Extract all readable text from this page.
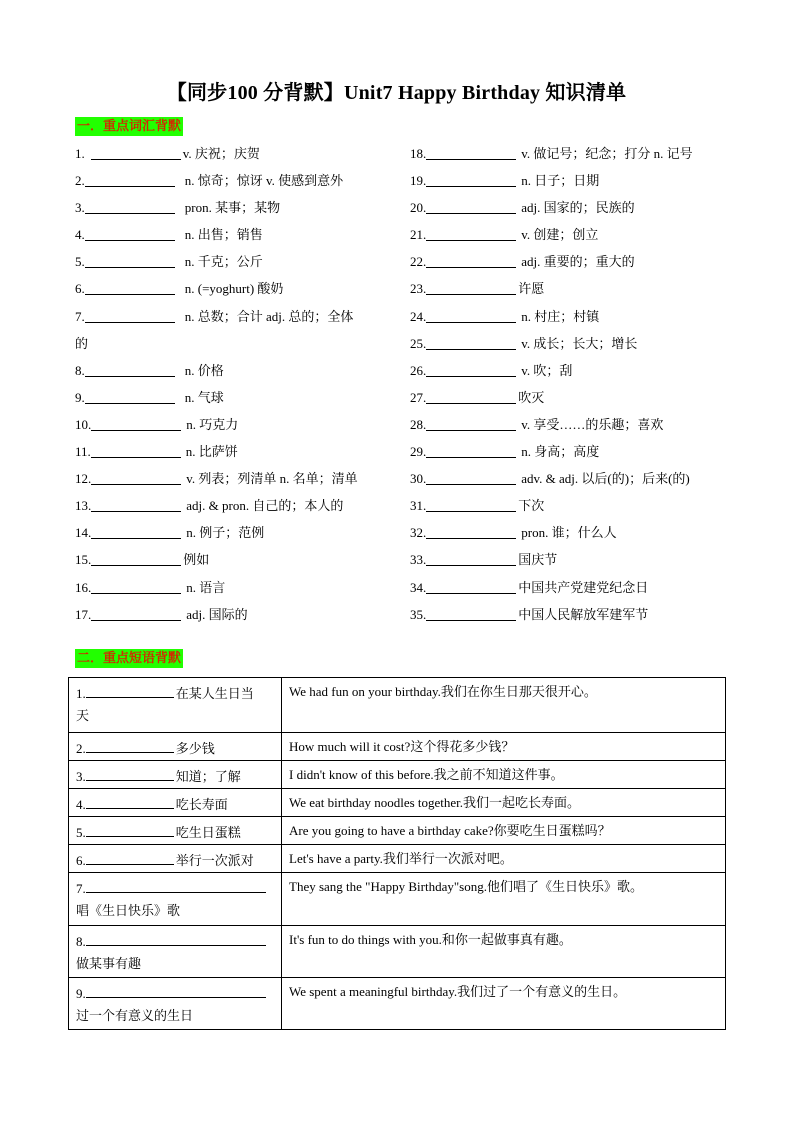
【同步100 分背默】Unit7 Happy Birthday 知识清单
一．重点词汇背默
1.	v. 庆祝；庆贺
2.	n. 惊奇；惊讶 v. 使感到意外
3.	pron. 某事；某物
4.	n. 出售；销售
5.	n. 千克；公斤
6.	n. (=yoghurt) 酸奶
7.	n. 总数；合计 adj. 总的；全体
的
8.	n. 价格
9.	n. 气球
10.	n. 巧克力
11.	n. 比萨饼
12.	v. 列表；列清单 n. 名单；清单
13.	adj. & pron. 自己的；本人的
14.	n. 例子；范例
15.	例如
16.	n. 语言
17.	adj. 国际的
18.	v. 做记号；纪念；打分 n. 记号
19.	n. 日子；日期
20.	adj. 国家的；民族的
21.	v. 创建；创立
22.	adj. 重要的；重大的
23.	许愿
24.	n. 村庄；村镇
25.	v. 成长；长大；增长
26.	v. 吹；刮
27.	吹灭
28.	v. 享受……的乐趣；喜欢
29.	n. 身高；高度
30.	adv. & adj. 以后(的)；后来(的)
31.	下次
32.	pron. 谁；什么人
33.	国庆节
34.	中国共产党建党纪念日
35.	中国人民解放军建军节
二．重点短语背默
1. 在某人生日当
天	We had fun on your birthday.我们在你生日那天很开心。
2. 多少钱	How much will it cost?这个得花多少钱？
3. 知道；了解	I didn't know of this before.我之前不知道这件事。
4. 吃长寿面	We eat birthday noodles together.我们一起吃长寿面。
5. 吃生日蛋糕	Are you going to have a birthday cake?你要吃生日蛋糕吗？
6. 举行一次派对	Let's have a party.我们举行一次派对吧。
7.
唱《生日快乐》歌	They sang the "Happy Birthday"song.他们唱了《生日快乐》歌。
8.
做某事有趣	It's fun to do things with you.和你一起做事真有趣。
9.
过一个有意义的生日	We spent a meaningful birthday.我们过了一个有意义的生日。
